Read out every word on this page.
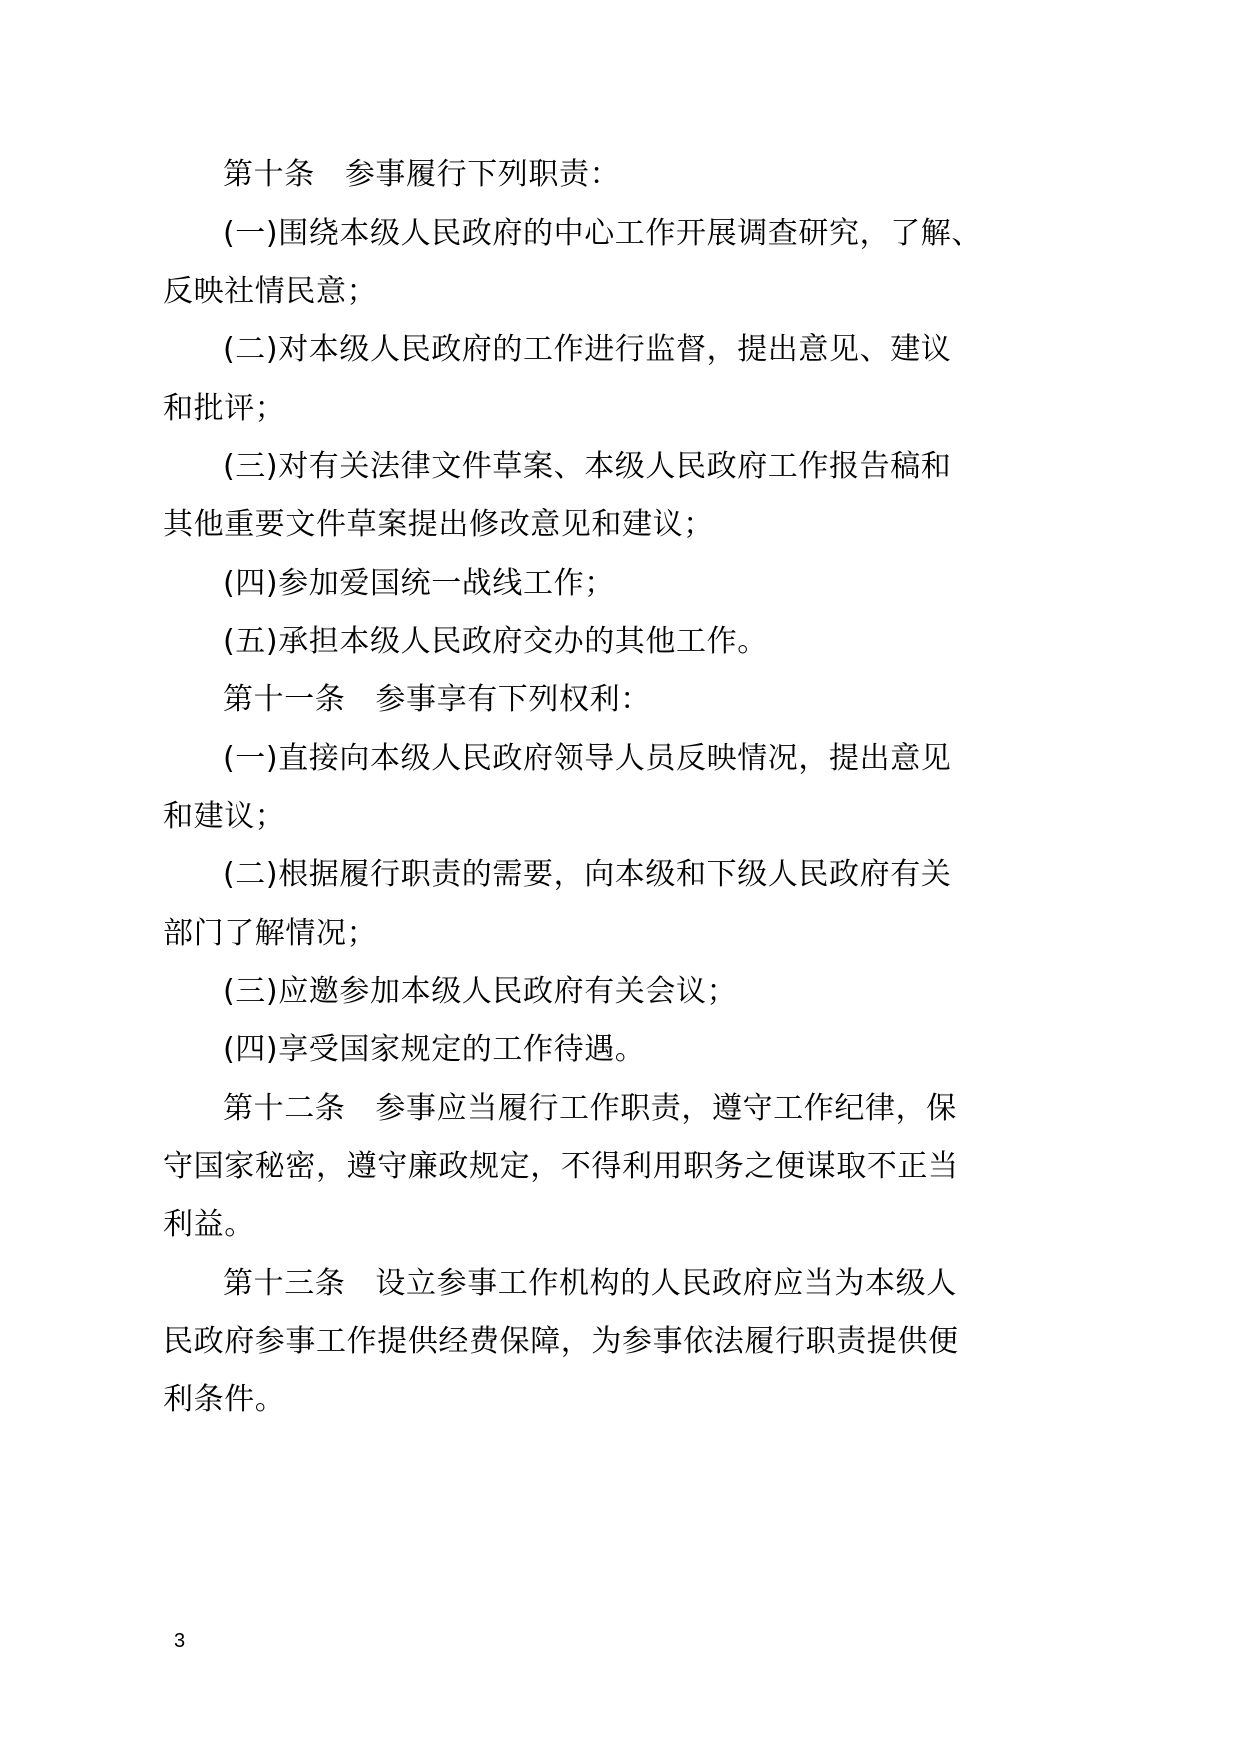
第十条 参事履行下列职责：
(一)围绕本级人民政府的中心工作开展调查研究，了解、
反映社情民意；
(二)对本级人民政府的工作进行监督，提出意见、建议
和批评；
(三)对有关法律文件草案、本级人民政府工作报告稿和
其他重要文件草案提出修改意见和建议；
(四)参加爱国统一战线工作；
(五)承担本级人民政府交办的其他工作。
第十一条 参事享有下列权利：
(一)直接向本级人民政府领导人员反映情况，提出意见
和建议；
(二)根据履行职责的需要，向本级和下级人民政府有关
部门了解情况；
(三)应邀参加本级人民政府有关会议；
(四)享受国家规定的工作待遇。
第十二条 参事应当履行工作职责，遵守工作纪律，保
守国家秘密，遵守廉政规定，不得利用职务之便谋取不正当
利益。
第十三条 设立参事工作机构的人民政府应当为本级人
民政府参事工作提供经费保障，为参事依法履行职责提供便
利条件。
3
